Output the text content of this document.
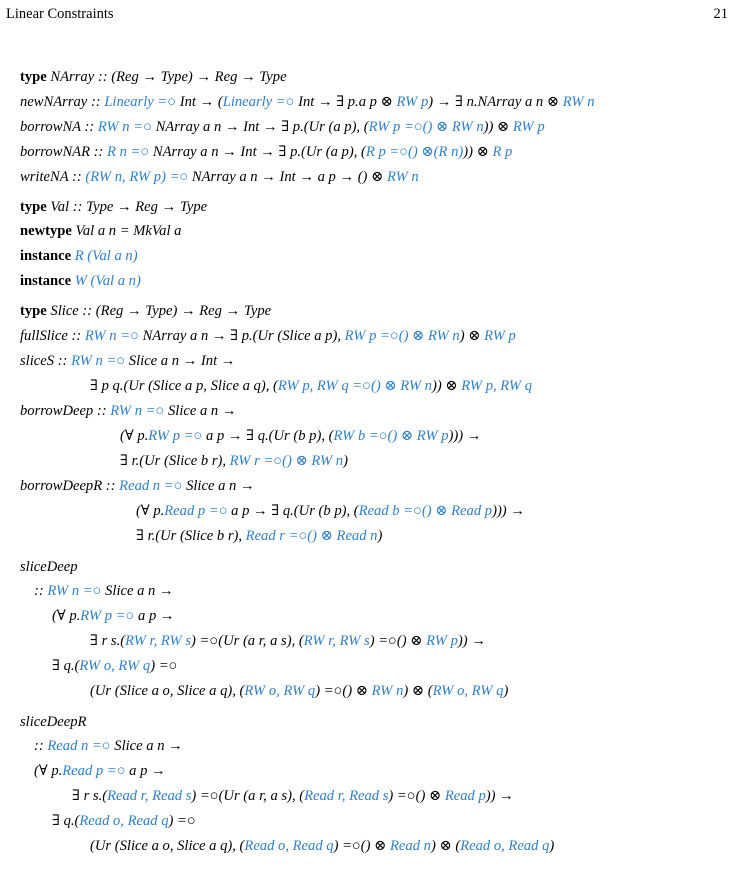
Linear Constraints	21
type NArray :: (Reg → Type) → Reg → Type
newNArray :: Linearly =○ Int → (Linearly =○ Int → ∃ p.a p ⊗ RW p) → ∃ n.NArray a n ⊗ RW n
borrowNA :: RW n =○ NArray a n → Int → ∃ p.(Ur (a p), (RW p =○() ⊗ RW n)) ⊗ RW p
borrowNAR :: R n =○ NArray a n → Int → ∃ p.(Ur (a p), (R p =○() ⊗(R n))) ⊗ R p
writeNA :: (RW n, RW p) =○ NArray a n → Int → a p → () ⊗ RW n
type Val :: Type → Reg → Type
newtype Val a n = MkVal a
instance R (Val a n)
instance W (Val a n)
type Slice :: (Reg → Type) → Reg → Type
fullSlice :: RW n =○ NArray a n → ∃ p.(Ur (Slice a p), RW p =○() ⊗ RW n) ⊗ RW p
sliceS :: RW n =○ Slice a n → Int →
∃ p q.(Ur (Slice a p, Slice a q), (RW p, RW q =○() ⊗ RW n)) ⊗ RW p, RW q
borrowDeep :: RW n =○ Slice a n →
(∀ p.RW p =○ a p → ∃ q.(Ur (b p), (RW b =○() ⊗ RW p))) →
∃ r.(Ur (Slice b r), RW r =○() ⊗ RW n)
borrowDeepR :: Read n =○ Slice a n →
(∀ p.Read p =○ a p → ∃ q.(Ur (b p), (Read b =○() ⊗ Read p))) →
∃ r.(Ur (Slice b r), Read r =○() ⊗ Read n)
sliceDeep
:: RW n =○ Slice a n →
(∀ p.RW p =○ a p →
∃ r s.(RW r, RW s) =○(Ur (a r, a s), (RW r, RW s) =○() ⊗ RW p)) →
∃ q.(RW o, RW q) =○
(Ur (Slice a o, Slice a q), (RW o, RW q) =○() ⊗ RW n) ⊗ (RW o, RW q)
sliceDeepR
:: Read n =○ Slice a n →
(∀ p.Read p =○ a p →
∃ r s.(Read r, Read s) =○(Ur (a r, a s), (Read r, Read s) =○() ⊗ Read p)) →
∃ q.(Read o, Read q) =○
(Ur (Slice a o, Slice a q), (Read o, Read q) =○() ⊗ Read n) ⊗ (Read o, Read q)
